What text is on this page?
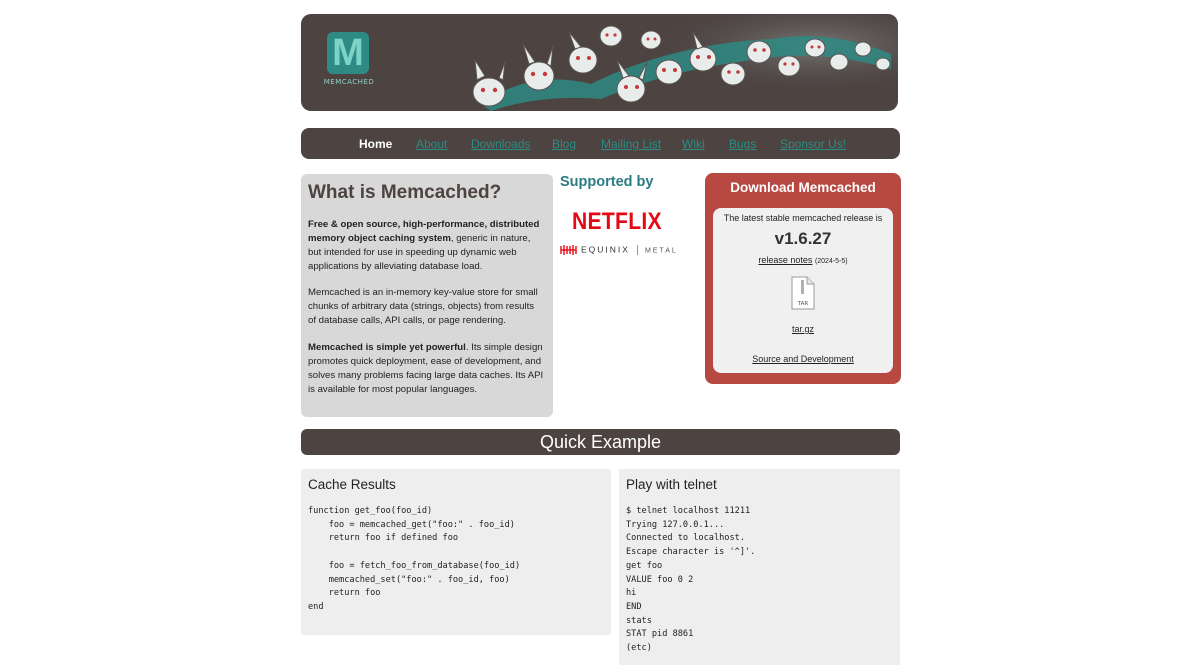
M
MEMCACHED
Home About Downloads Blog Mailing List Wiki Bugs Sponsor Us!
What is Memcached?

Free & open source, high-performance, distributed memory object caching system, generic in nature, but intended for use in speeding up dynamic web applications by alleviating database load.

Memcached is an in-memory key-value store for small chunks of arbitrary data (strings, objects) from results of database calls, API calls, or page rendering.

Memcached is simple yet powerful. Its simple design promotes quick deployment, ease of development, and solves many problems facing large data caches. Its API is available for most popular languages.

Supported by
NETFLIX
EQUINIX METAL
Download Memcached
The latest stable memcached release is
v1.6.27
release notes (2024-5-5)
TAR
tar.gz
Source and Development
Quick Example
Cache Results
function get_foo(foo_id)
foo = memcached_get("foo:" . foo_id)
return foo if defined foo

foo = fetch_foo_from_database(foo_id)
memcached_set("foo:" . foo_id, foo)
return foo
end
Play with telnet
$ telnet localhost 11211
Trying 127.0.0.1...
Connected to localhost.
Escape character is '^]'.
get foo
VALUE foo 0 2
hi
END
stats
STAT pid 8861
(etc)
